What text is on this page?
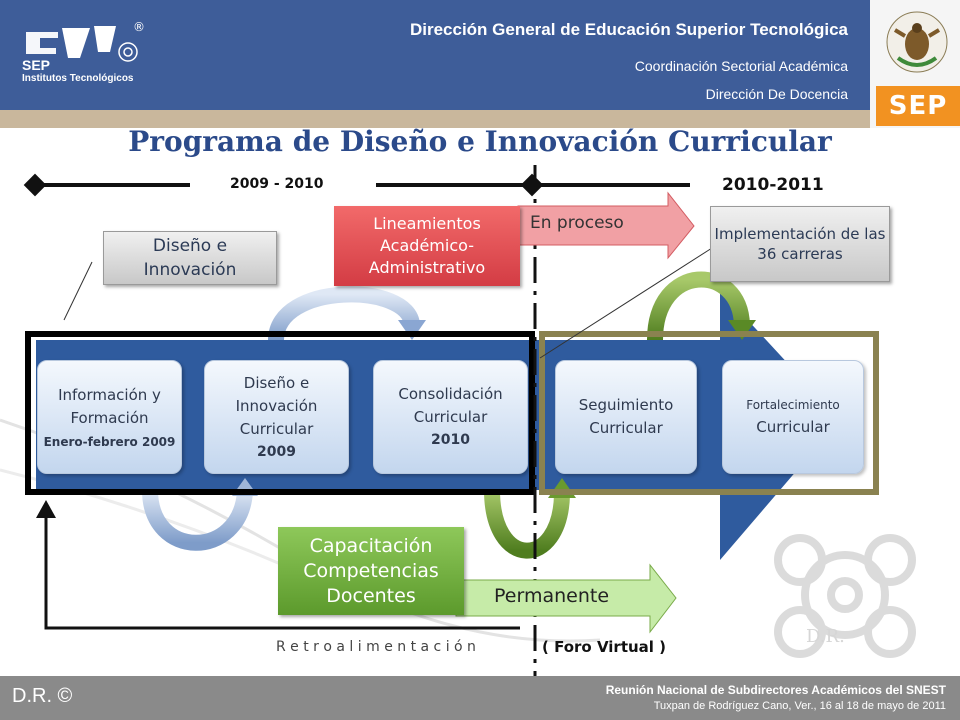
SEP
Institutos Tecnológicos
®	Dirección General de Educación Superior Tecnológica
Coordinación Sectorial Académica
Dirección De Docencia	SEP
Programa de Diseño e Innovación Curricular
2009 - 2010	2010-2011
Diseño e Innovación
Implementación de las 36 carreras
Lineamientos Académico-Administrativo
En proceso
Capacitación Competencias Docentes	Permanente
Información y Formación
Enero-febrero 2009
Diseño e Innovación Curricular
2009
Consolidación Curricular
2010
Seguimiento Curricular
Fortalecimiento
Curricular
R e t r o a l i m e n t a c i ó n	( Foro Virtual )	D.R.
D.R. ©	Reunión Nacional de Subdirectores Académicos del SNEST
Tuxpan de Rodríguez Cano, Ver., 16 al 18 de mayo de 2011
